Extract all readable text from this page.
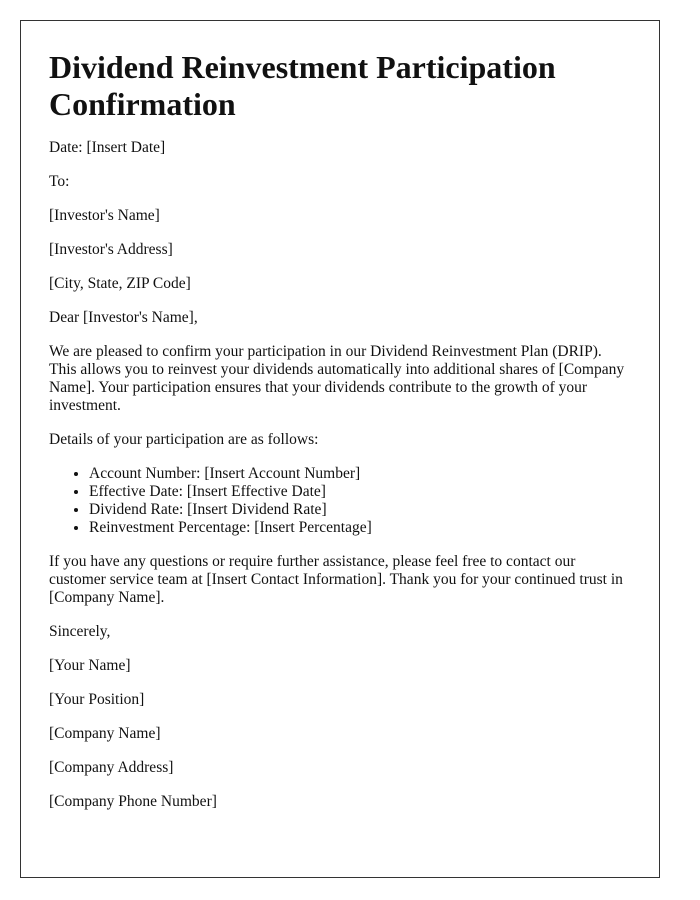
Dividend Reinvestment Participation Confirmation

Date: [Insert Date]

To:

[Investor's Name]

[Investor's Address]

[City, State, ZIP Code]

Dear [Investor's Name],

We are pleased to confirm your participation in our Dividend Reinvestment Plan (DRIP). This allows you to reinvest your dividends automatically into additional shares of [Company Name]. Your participation ensures that your dividends contribute to the growth of your investment.

Details of your participation are as follows:

• Account Number: [Insert Account Number]
• Effective Date: [Insert Effective Date]
• Dividend Rate: [Insert Dividend Rate]
• Reinvestment Percentage: [Insert Percentage]

If you have any questions or require further assistance, please feel free to contact our customer service team at [Insert Contact Information]. Thank you for your continued trust in [Company Name].

Sincerely,

[Your Name]

[Your Position]

[Company Name]

[Company Address]

[Company Phone Number]
